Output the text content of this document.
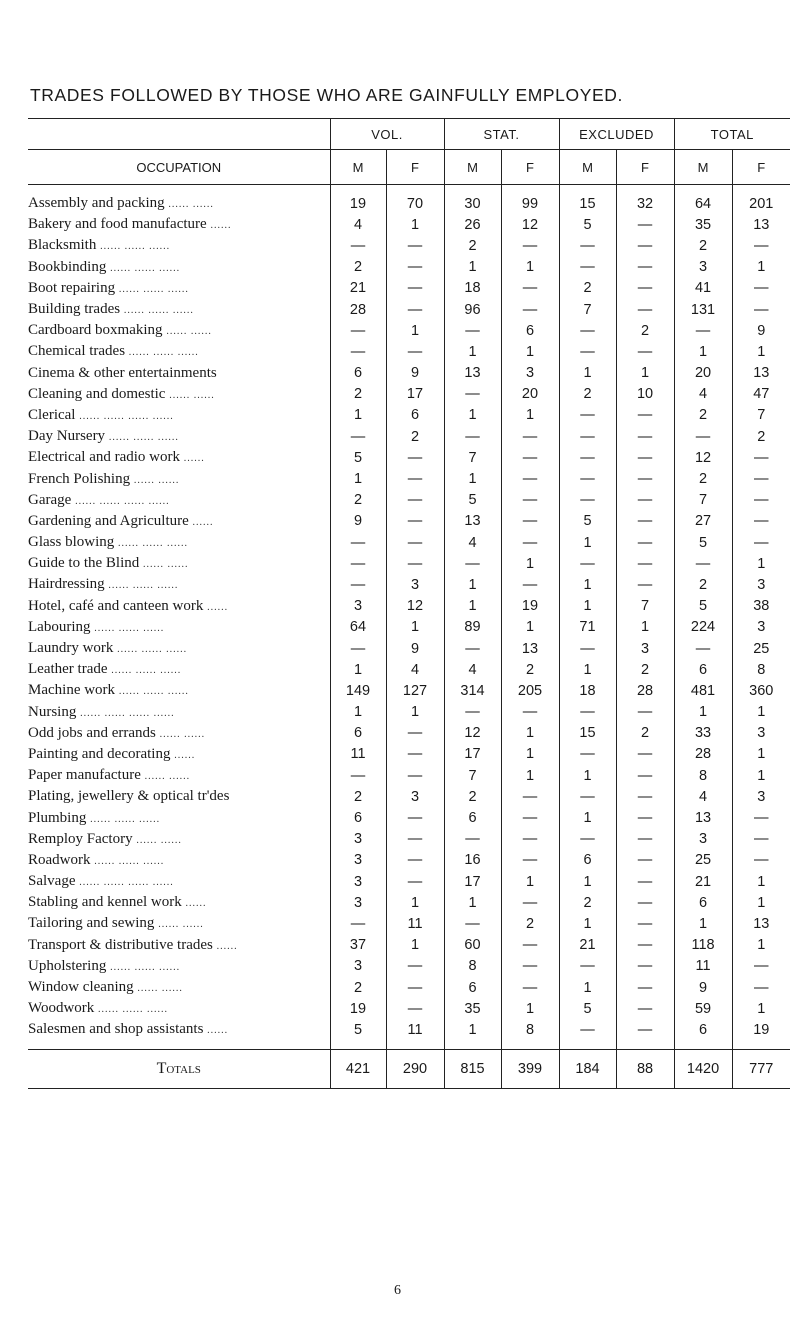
TRADES FOLLOWED BY THOSE WHO ARE GAINFULLY EMPLOYED.
	VOL.		STAT.		EXCLUDED		TOTAL	
OCCUPATION	M	F	M	F	M	F	M	F

Assembly and packing ...... ......	19	70	30	99	15	32	64	201
Bakery and food manufacture ......	4	1	26	12	5	—	35	13
Blacksmith ...... ...... ......	—	—	2	—	—	—	2	—
Bookbinding ...... ...... ......	2	—	1	1	—	—	3	1
Boot repairing ...... ...... ......	21	—	18	—	2	—	41	—
Building trades ...... ...... ......	28	—	96	—	7	—	131	—
Cardboard boxmaking ...... ......	—	1	—	6	—	2	—	9
Chemical trades ...... ...... ......	—	—	1	1	—	—	1	1
Cinema & other entertainments	6	9	13	3	1	1	20	13
Cleaning and domestic ...... ......	2	17	—	20	2	10	4	47
Clerical ...... ...... ...... ......	1	6	1	1	—	—	2	7
Day Nursery ...... ...... ......	—	2	—	—	—	—	—	2
Electrical and radio work ......	5	—	7	—	—	—	12	—
French Polishing ...... ......	1	—	1	—	—	—	2	—
Garage ...... ...... ...... ......	2	—	5	—	—	—	7	—
Gardening and Agriculture ......	9	—	13	—	5	—	27	—
Glass blowing ...... ...... ......	—	—	4	—	1	—	5	—
Guide to the Blind ...... ......	—	—	—	1	—	—	—	1
Hairdressing ...... ...... ......	—	3	1	—	1	—	2	3
Hotel, café and canteen work ......	3	12	1	19	1	7	5	38
Labouring ...... ...... ......	64	1	89	1	71	1	224	3
Laundry work ...... ...... ......	—	9	—	13	—	3	—	25
Leather trade ...... ...... ......	1	4	4	2	1	2	6	8
Machine work ...... ...... ......	149	127	314	205	18	28	481	360
Nursing ...... ...... ...... ......	1	1	—	—	—	—	1	1
Odd jobs and errands ...... ......	6	—	12	1	15	2	33	3
Painting and decorating ......	11	—	17	1	—	—	28	1
Paper manufacture ...... ......	—	—	7	1	1	—	8	1
Plating, jewellery & optical tr'des	2	3	2	—	—	—	4	3
Plumbing ...... ...... ......	6	—	6	—	1	—	13	—
Remploy Factory ...... ......	3	—	—	—	—	—	3	—
Roadwork ...... ...... ......	3	—	16	—	6	—	25	—
Salvage ...... ...... ...... ......	3	—	17	1	1	—	21	1
Stabling and kennel work ......	3	1	1	—	2	—	6	1
Tailoring and sewing ...... ......	—	11	—	2	1	—	1	13
Transport & distributive trades ......	37	1	60	—	21	—	118	1
Upholstering ...... ...... ......	3	—	8	—	—	—	11	—
Window cleaning ...... ......	2	—	6	—	1	—	9	—
Woodwork ...... ...... ......	19	—	35	1	5	—	59	1
Salesmen and shop assistants ......	5	11	1	8	—	—	6	19

Totals	421	290	815	399	184	88	1420	777
6
